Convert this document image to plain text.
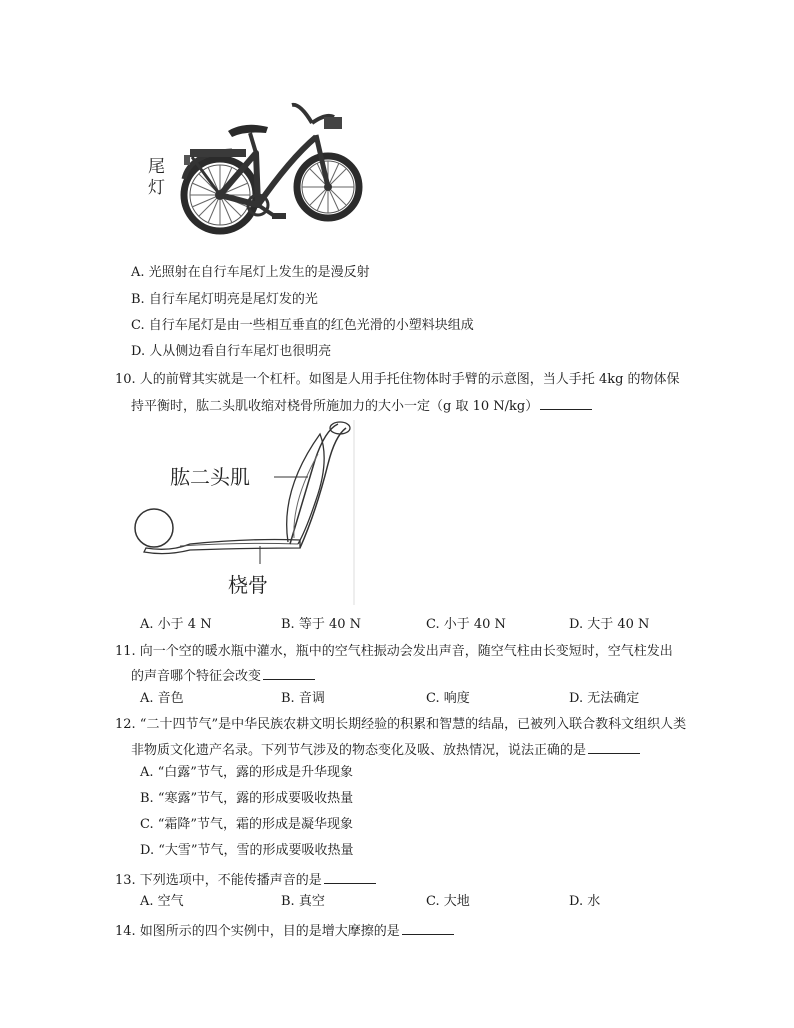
尾灯
A. 光照射在自行车尾灯上发生的是漫反射
B. 自行车尾灯明亮是尾灯发的光
C. 自行车尾灯是由一些相互垂直的红色光滑的小塑料块组成
D. 人从侧边看自行车尾灯也很明亮
10. 人的前臂其实就是一个杠杆。如图是人用手托住物体时手臂的示意图，当人手托 4kg 的物体保
持平衡时，肱二头肌收缩对桡骨所施加力的大小一定（g 取 10 N/kg）
肱二头肌
桡骨
A. 小于 4 N	B. 等于 40 N	C. 小于 40 N	D. 大于 40 N
11. 向一个空的暖水瓶中灌水，瓶中的空气柱振动会发出声音，随空气柱由长变短时，空气柱发出
的声音哪个特征会改变
A. 音色	B. 音调	C. 响度	D. 无法确定
12. “二十四节气”是中华民族农耕文明长期经验的积累和智慧的结晶，已被列入联合教科文组织人类
非物质文化遗产名录。下列节气涉及的物态变化及吸、放热情况，说法正确的是
A. “白露”节气，露的形成是升华现象
B. “寒露”节气，露的形成要吸收热量
C. “霜降”节气，霜的形成是凝华现象
D. “大雪”节气，雪的形成要吸收热量
13. 下列选项中，不能传播声音的是
A. 空气	B. 真空	C. 大地	D. 水
14. 如图所示的四个实例中，目的是增大摩擦的是
